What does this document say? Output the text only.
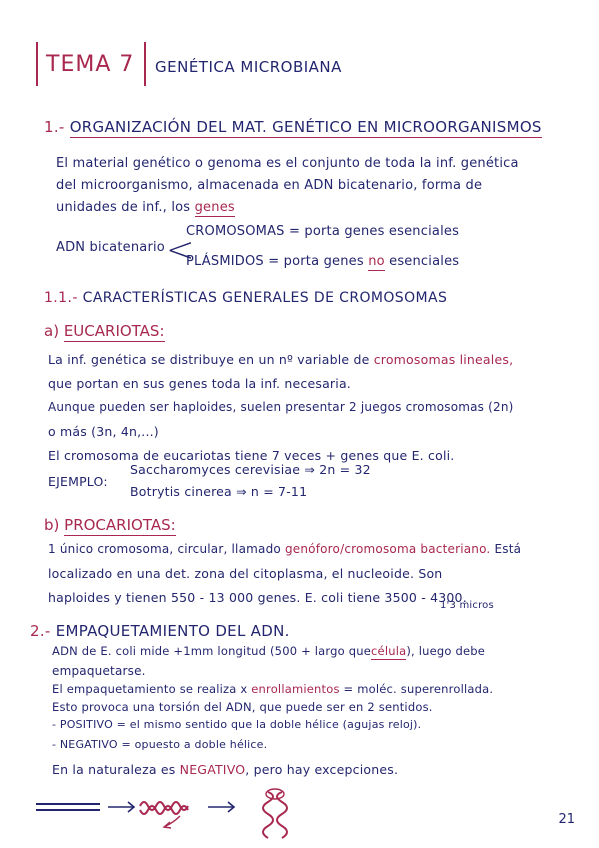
TEMA 7 GENÉTICA MICROBIANA
1.- ORGANIZACIÓN DEL MAT. GENÉTICO EN MICROORGANISMOS
El material genético o genoma es el conjunto de toda la inf. genética
del microorganismo, almacenada en ADN bicatenario, forma de
unidades de inf., los genes
ADN bicatenario <
CROMOSOMAS = porta genes esenciales
PLÁSMIDOS = porta genes no esenciales
1.1.- CARACTERÍSTICAS GENERALES DE CROMOSOMAS
a) EUCARIOTAS:
La inf. genética se distribuye en un nº variable de cromosomas lineales,
que portan en sus genes toda la inf. necesaria.
Aunque pueden ser haploides, suelen presentar 2 juegos cromosomas (2n)
o más (3n, 4n,...)
El cromosoma de eucariotas tiene 7 veces + genes que E. coli.
EJEMPLO:
Saccharomyces cerevisiae ⇒ 2n = 32
Botrytis cinerea ⇒ n = 7-11
b) PROCARIOTAS:
1 único cromosoma, circular, llamado genóforo/cromosoma bacteriano. Está
localizado en una det. zona del citoplasma, el nucleoide. Son
haploides y tienen 550 - 13 000 genes. E. coli tiene 3500 - 4300.
2.- EMPAQUETAMIENTO DEL ADN.
1'3 micros
ADN de E. coli mide +1mm longitud (500 + largo quecélula), luego debe
empaquetarse.
El empaquetamiento se realiza x enrollamientos = moléc. superenrollada.
Esto provoca una torsión del ADN, que puede ser en 2 sentidos.
- POSITIVO = el mismo sentido que la doble hélice (agujas reloj).
- NEGATIVO = opuesto a doble hélice.
En la naturaleza es NEGATIVO, pero hay excepciones.
21
